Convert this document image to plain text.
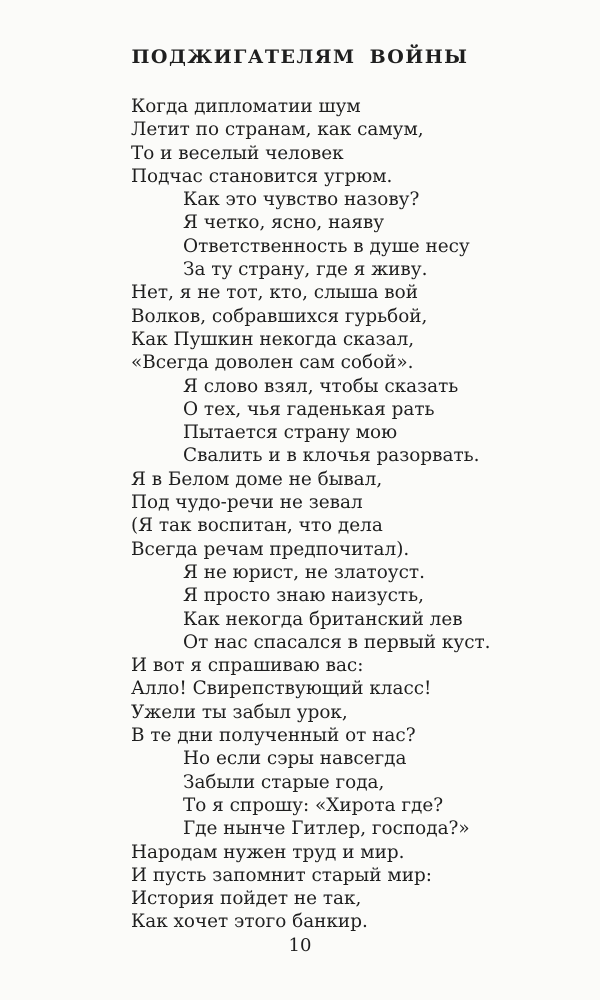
ПОДЖИГАТЕЛЯМ ВОЙНЫ
Когда дипломатии шум
Летит по странам, как самум,
То и веселый человек
Подчас становится угрюм.
Как это чувство назову?
Я четко, ясно, наяву
Ответственность в душе несу
За ту страну, где я живу.
Нет, я не тот, кто, слыша вой
Волков, собравшихся гурьбой,
Как Пушкин некогда сказал,
«Всегда доволен сам собой».
Я слово взял, чтобы сказать
О тех, чья гаденькая рать
Пытается страну мою
Свалить и в клочья разорвать.
Я в Белом доме не бывал,
Под чудо-речи не зевал
(Я так воспитан, что дела
Всегда речам предпочитал).
Я не юрист, не златоуст.
Я просто знаю наизусть,
Как некогда британский лев
От нас спасался в первый куст.
И вот я спрашиваю вас:
Алло! Свирепствующий класс!
Ужели ты забыл урок,
В те дни полученный от нас?
Но если сэры навсегда
Забыли старые года,
То я спрошу: «Хирота где?
Где нынче Гитлер, господа?»
Народам нужен труд и мир.
И пусть запомнит старый мир:
История пойдет не так,
Как хочет этого банкир.
10
